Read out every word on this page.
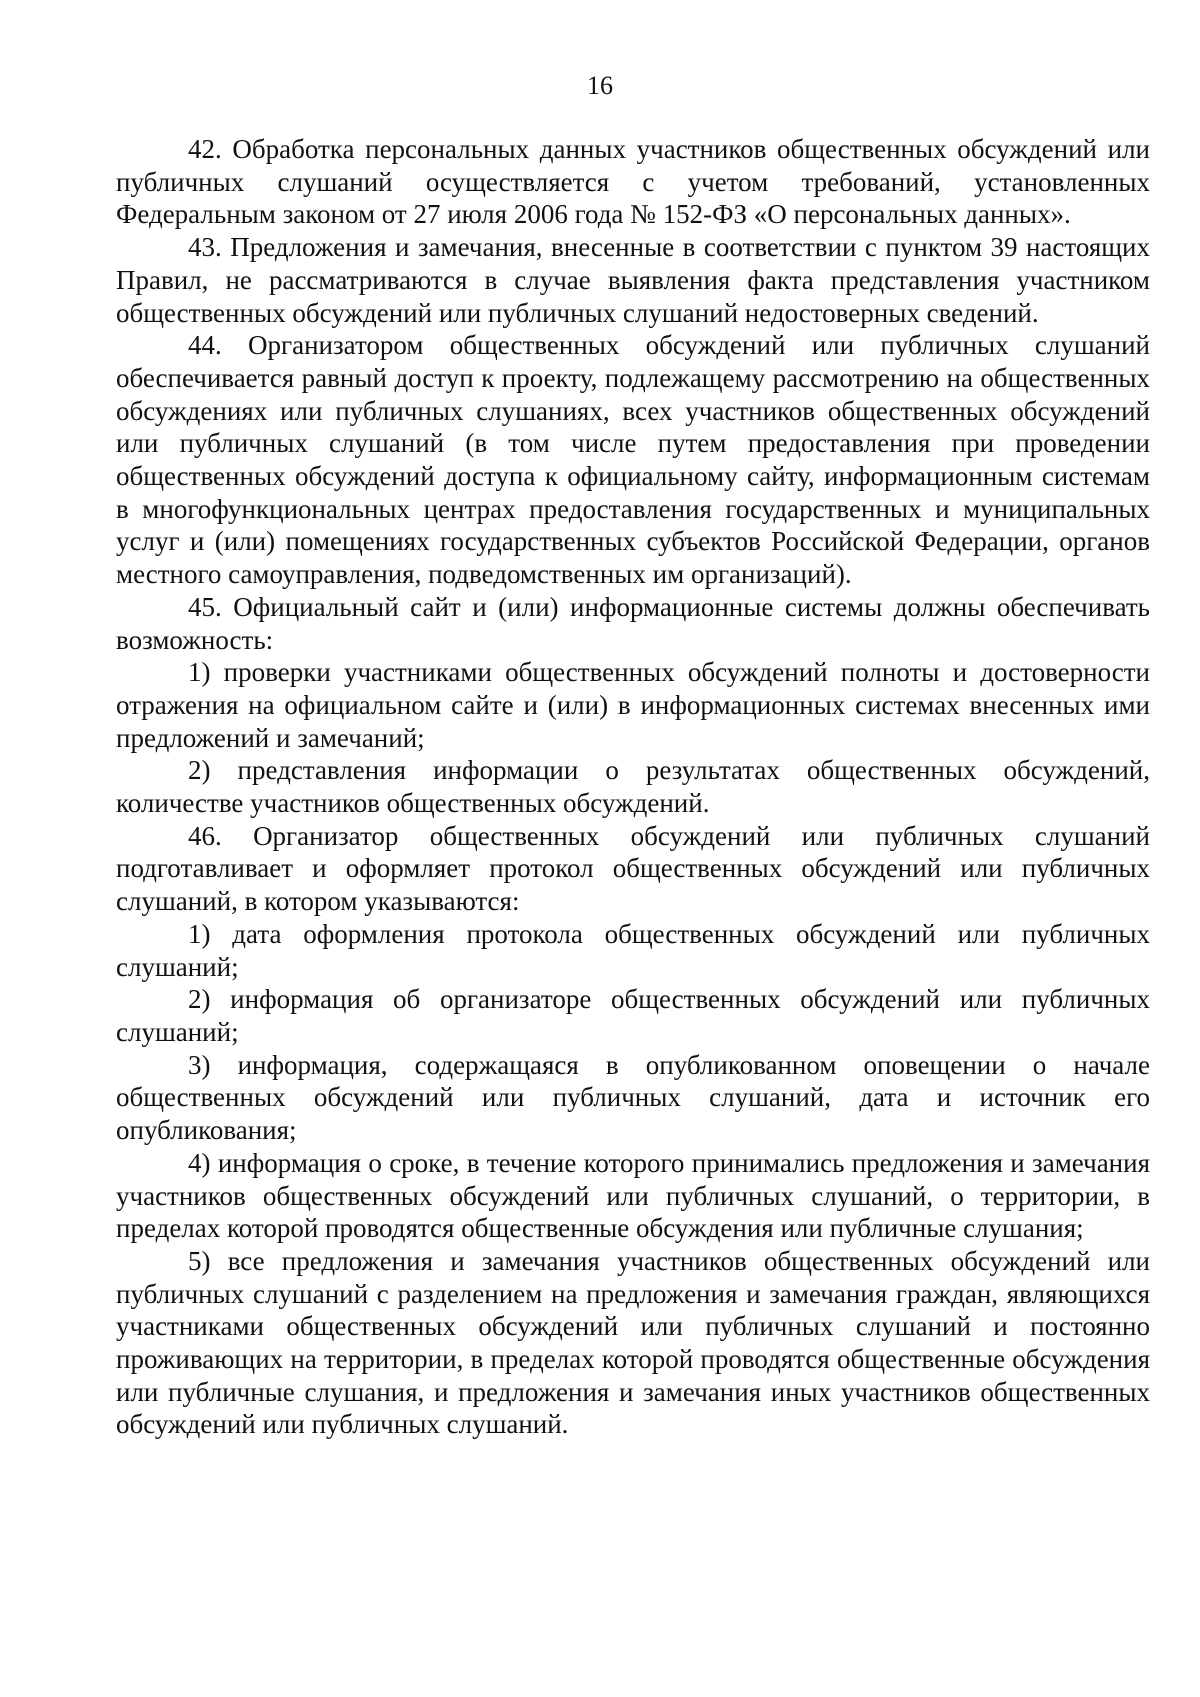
16

42. Обработка персональных данных участников общественных обсуждений или публичных слушаний осуществляется с учетом требований, установленных Федеральным законом от 27 июля 2006 года № 152-ФЗ «О персональных данных».

43. Предложения и замечания, внесенные в соответствии с пунктом 39 настоящих Правил, не рассматриваются в случае выявления факта представления участником общественных обсуждений или публичных слушаний недостоверных сведений.

44. Организатором общественных обсуждений или публичных слушаний обеспечивается равный доступ к проекту, подлежащему рассмотрению на общественных обсуждениях или публичных слушаниях, всех участников общественных обсуждений или публичных слушаний (в том числе путем предоставления при проведении общественных обсуждений доступа к официальному сайту, информационным системам в многофункциональных центрах предоставления государственных и муниципальных услуг и (или) помещениях государственных субъектов Российской Федерации, органов местного самоуправления, подведомственных им организаций).

45. Официальный сайт и (или) информационные системы должны обеспечивать возможность:

1) проверки участниками общественных обсуждений полноты и достоверности отражения на официальном сайте и (или) в информационных системах внесенных ими предложений и замечаний;

2) представления информации о результатах общественных обсуждений, количестве участников общественных обсуждений.

46. Организатор общественных обсуждений или публичных слушаний подготавливает и оформляет протокол общественных обсуждений или публичных слушаний, в котором указываются:

1) дата оформления протокола общественных обсуждений или публичных слушаний;

2) информация об организаторе общественных обсуждений или публичных слушаний;

3) информация, содержащаяся в опубликованном оповещении о начале общественных обсуждений или публичных слушаний, дата и источник его опубликования;

4) информация о сроке, в течение которого принимались предложения и замечания участников общественных обсуждений или публичных слушаний, о территории, в пределах которой проводятся общественные обсуждения или публичные слушания;

5) все предложения и замечания участников общественных обсуждений или публичных слушаний с разделением на предложения и замечания граждан, являющихся участниками общественных обсуждений или публичных слушаний и постоянно проживающих на территории, в пределах которой проводятся общественные обсуждения или публичные слушания, и предложения и замечания иных участников общественных обсуждений или публичных слушаний.
